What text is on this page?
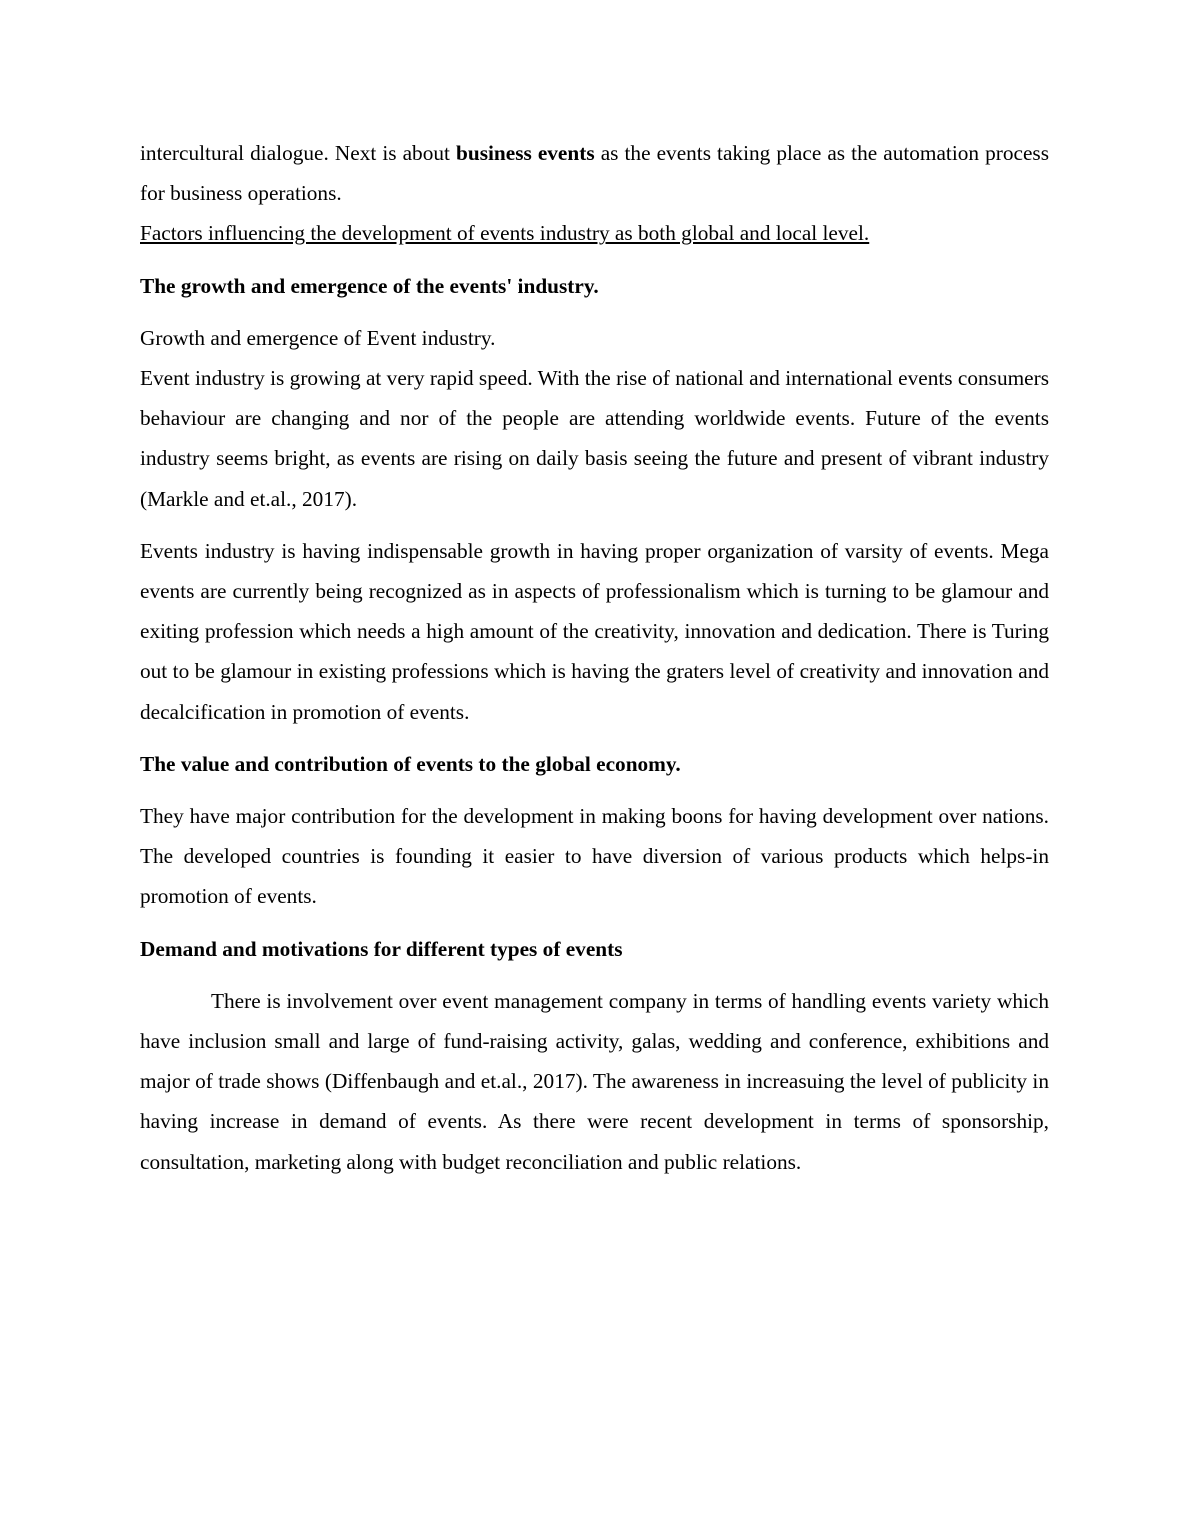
intercultural dialogue. Next is about business events as the events taking place as the automation process for business operations.

Factors influencing the development of events industry as both global and local level.

The growth and emergence of the events' industry.

Growth and emergence of Event industry.

Event industry is growing at very rapid speed. With the rise of national and international events consumers behaviour are changing and nor of the people are attending worldwide events. Future of the events industry seems bright, as events are rising on daily basis seeing the future and present of vibrant industry (Markle and et.al., 2017).

Events industry is having indispensable growth in having proper organization of varsity of events. Mega events are currently being recognized as in aspects of professionalism which is turning to be glamour and exiting profession which needs a high amount of the creativity, innovation and dedication. There is Turing out to be glamour in existing professions which is having the graters level of creativity and innovation and decalcification in promotion of events.

The value and contribution of events to the global economy.

They have major contribution for the development in making boons for having development over nations. The developed countries is founding it easier to have diversion of various products which helps-in promotion of events.

Demand and motivations for different types of events

There is involvement over event management company in terms of handling events variety which have inclusion small and large of fund-raising activity, galas, wedding and conference, exhibitions and major of trade shows (Diffenbaugh and et.al., 2017). The awareness in increasuing the level of publicity in having increase in demand of events. As there were recent development in terms of sponsorship, consultation, marketing along with budget reconciliation and public relations.
